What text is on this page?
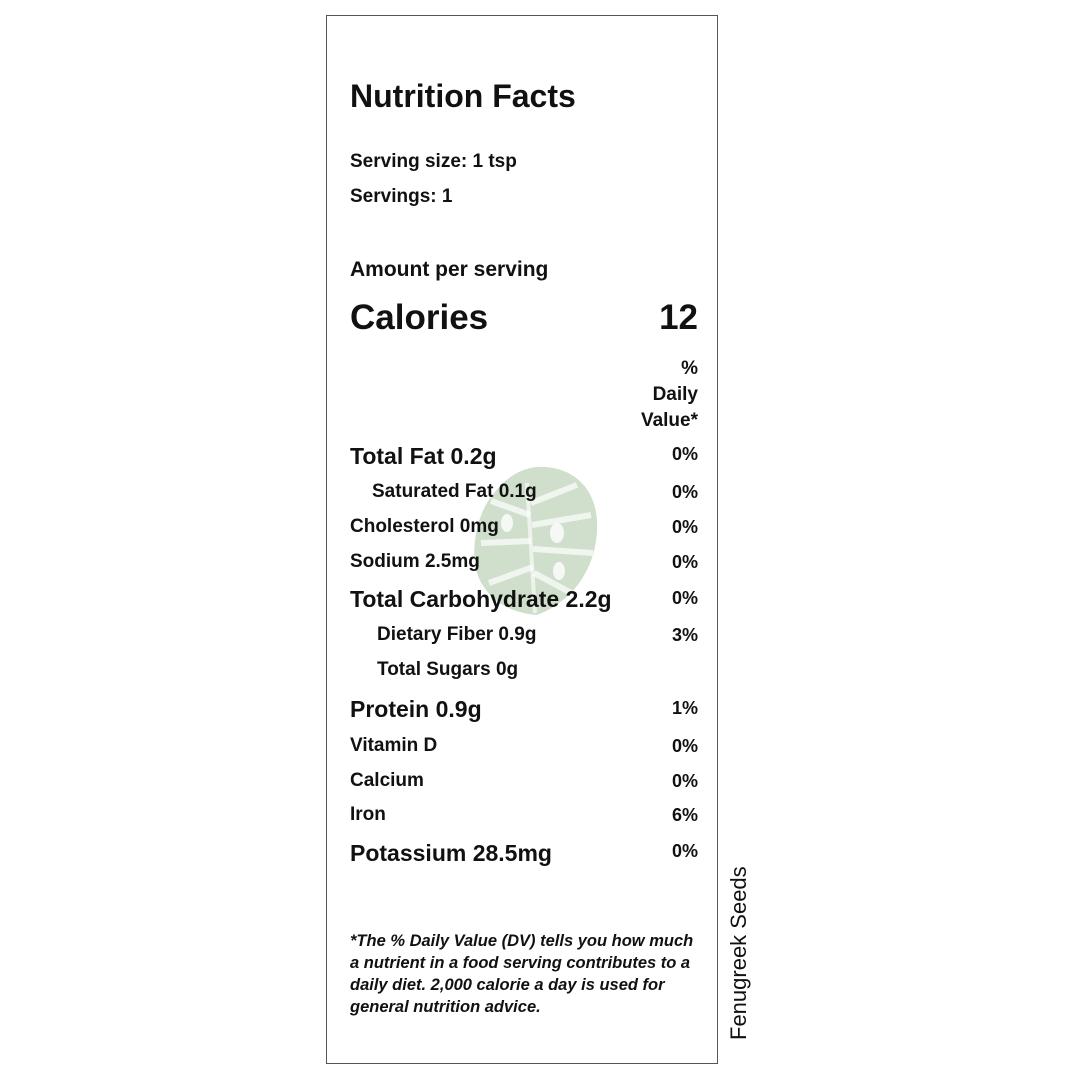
Nutrition Facts
Serving size: 1 tsp
Servings: 1
Amount per serving
Calories	12
%
Daily
Value*
Total Fat 0.2g	0%
Saturated Fat 0.1g	0%
Cholesterol 0mg	0%
Sodium 2.5mg	0%
Total Carbohydrate 2.2g	0%
Dietary Fiber 0.9g	3%
Total Sugars 0g
Protein 0.9g	1%
Vitamin D	0%
Calcium	0%
Iron	6%
Potassium 28.5mg	0%
*The % Daily Value (DV) tells you how much a nutrient in a food serving contributes to a daily diet. 2,000 calorie a day is used for general nutrition advice.	Fenugreek Seeds
